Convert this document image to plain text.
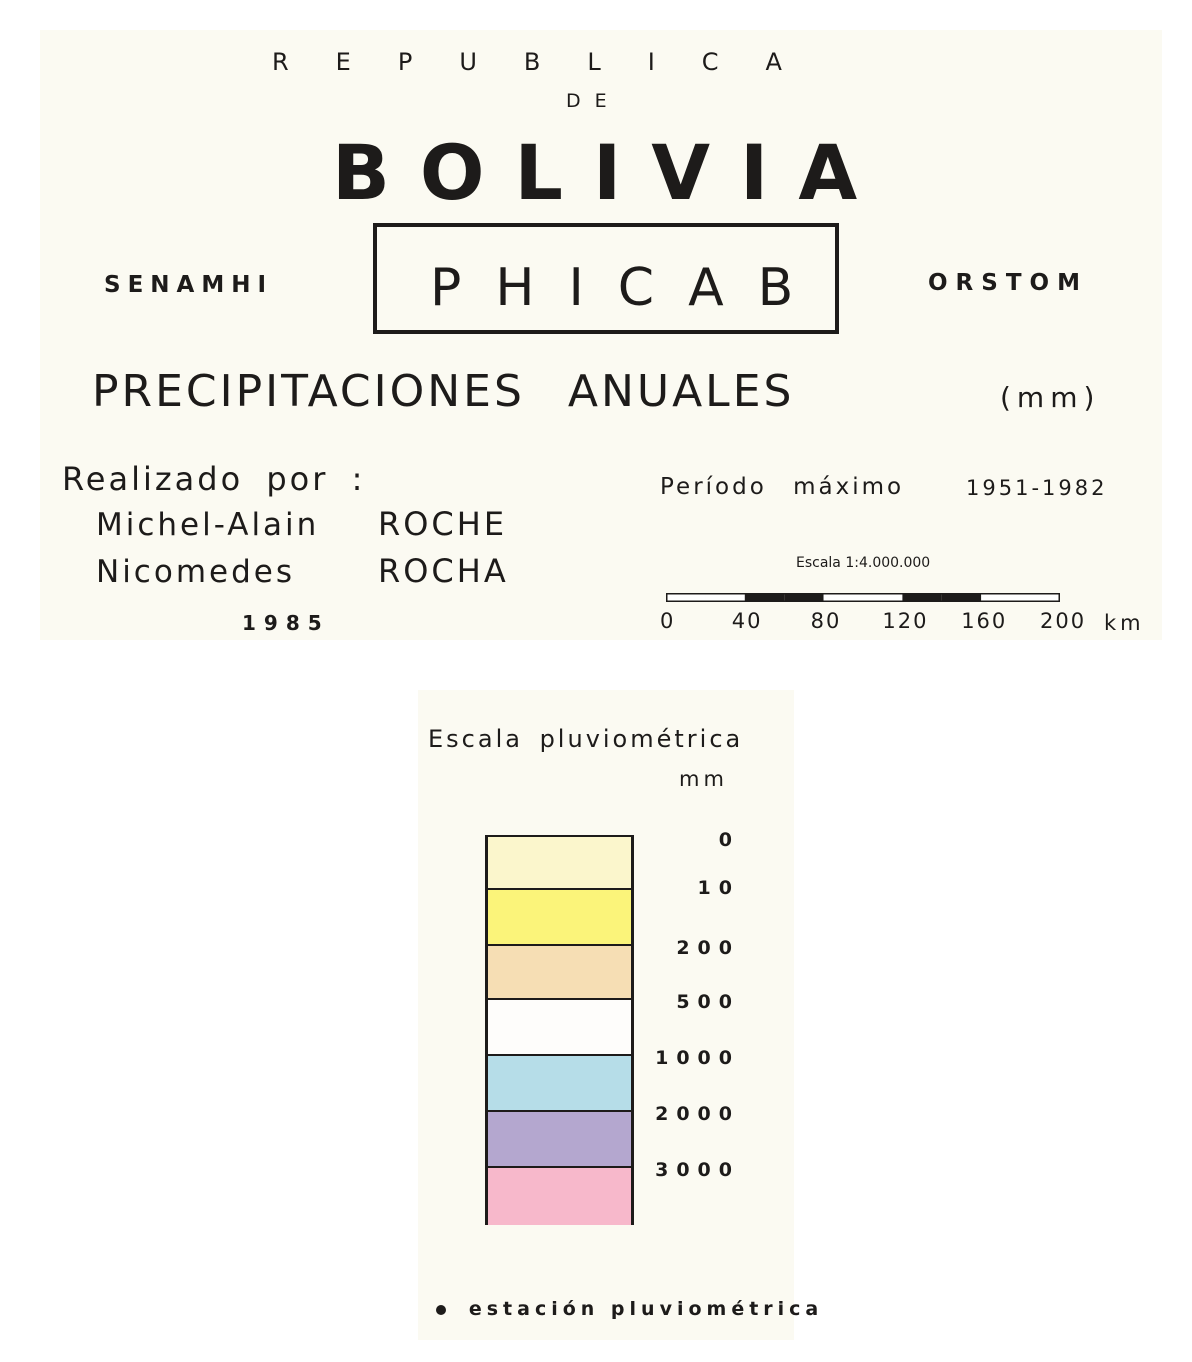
REPUBLICA
DE
BOLIVIA
SENAMHI	PHICAB	ORSTOM
PRECIPITACIONES ANUALES	(mm)
Realizado por :
Michel-Alain ROCHE
Nicomedes	ROCHA
1985
Período máximo	1951-1982
Escala 1:4.000.000
0	40 80 120 160 200 km
Escala pluviométrica
mm
0
10
200
500
1000
2000
3000
estación pluviométrica
